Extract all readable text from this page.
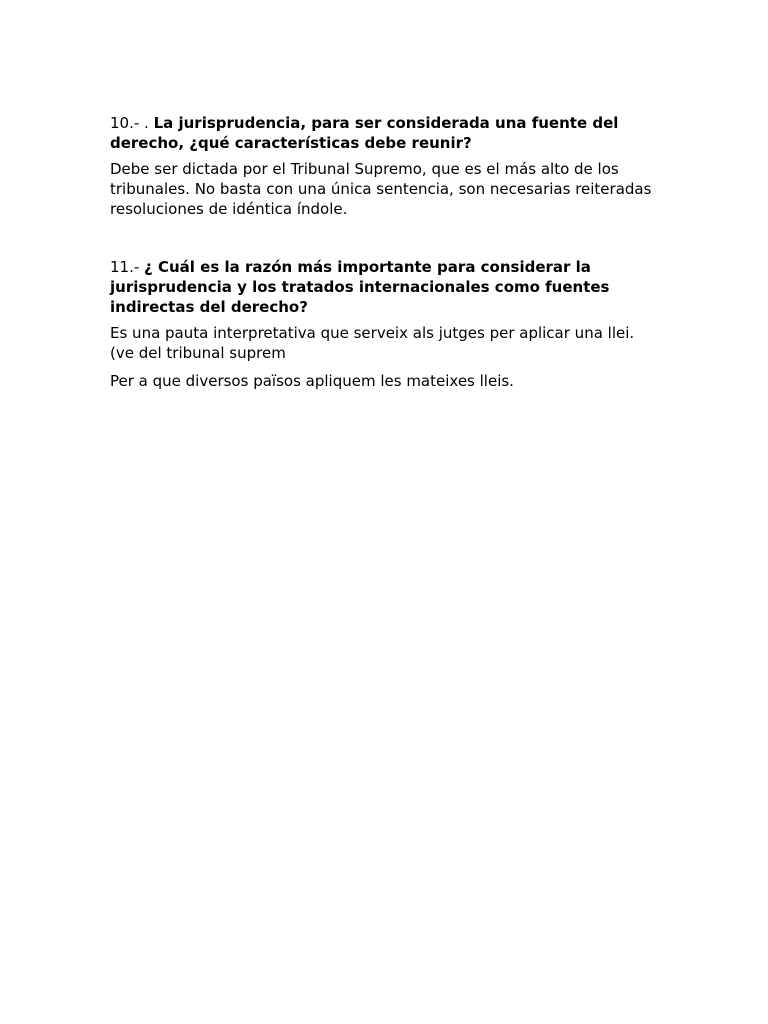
10.- . La jurisprudencia, para ser considerada una fuente del derecho, ¿qué características debe reunir?

Debe ser dictada por el Tribunal Supremo, que es el más alto de los tribunales. No basta con una única sentencia, son necesarias reiteradas resoluciones de idéntica índole.

11.- ¿ Cuál es la razón más importante para considerar la jurisprudencia y los tratados internacionales como fuentes indirectas del derecho?

Es una pauta interpretativa que serveix als jutges per aplicar una llei. (ve del tribunal suprem

Per a que diversos països apliquem les mateixes lleis.
